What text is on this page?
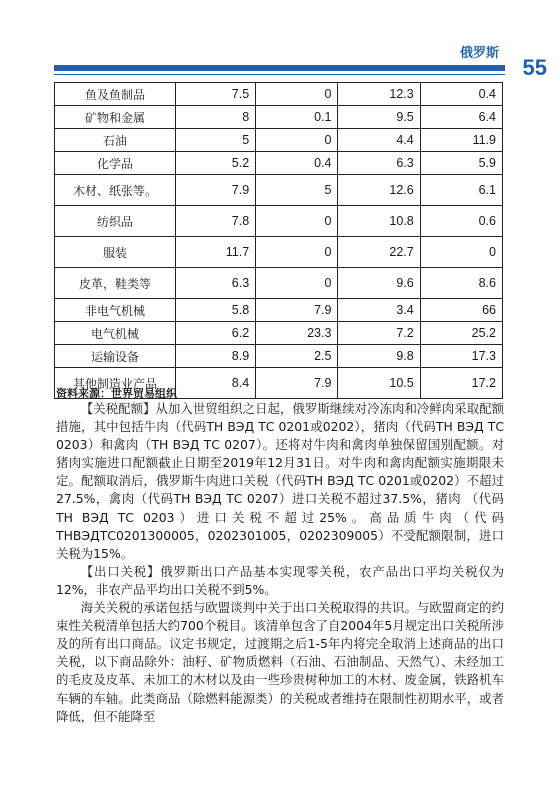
俄罗斯
55
鱼及鱼制品	7.5	0	12.3	0.4
矿物和金属	8	0.1	9.5	6.4
石油	5	0	4.4	11.9
化学品	5.2	0.4	6.3	5.9
木材、纸张等。	7.9	5	12.6	6.1
纺织品	7.8	0	10.8	0.6
服装	11.7	0	22.7	0
皮革，鞋类等	6.3	0	9.6	8.6
非电气机械	5.8	7.9	3.4	66
电气机械	6.2	23.3	7.2	25.2
运输设备	8.9	2.5	9.8	17.3
其他制造业产品	8.4	7.9	10.5	17.2
资料来源：世界贸易组织

【关税配额】从加入世贸组织之日起，俄罗斯继续对冷冻肉和冷鲜肉采取配额措施，其中包括牛肉（代码TH ВЭД ТС 0201或0202），猪肉（代码TH ВЭД ТС 0203）和禽肉（TH ВЭД ТС 0207）。还将对牛肉和禽肉单独保留国别配额。对猪肉实施进口配额截止日期至2019年12月31日。对牛肉和禽肉配额实施期限未定。配额取消后，俄罗斯牛肉进口关税（代码TH ВЭД ТС 0201或0202）不超过27.5%，禽肉（代码TH ВЭД ТС 0207）进口关税不超过37.5%，猪肉 （代码TH ВЭД ТС 0203）进口关税不超过25%。高品质牛肉（代码THВЭДТС0201300005，0202301005，0202309005）不受配额限制，进口关税为15%。

【出口关税】俄罗斯出口产品基本实现零关税，农产品出口平均关税仅为12%，非农产品平均出口关税不到5%。

海关关税的承诺包括与欧盟谈判中关于出口关税取得的共识。与欧盟商定的约束性关税清单包括大约700个税目。该清单包含了自2004年5月规定出口关税所涉及的所有出口商品。议定书规定，过渡期之后1-5年内将完全取消上述商品的出口关税，以下商品除外：油籽、矿物质燃料（石油、石油制品、天然气）、未经加工的毛皮及皮革、未加工的木材以及由一些珍贵树种加工的木材、废金属，铁路机车车辆的车轴。此类商品（除燃料能源类）的关税或者维持在限制性初期水平，或者降低，但不能降至
